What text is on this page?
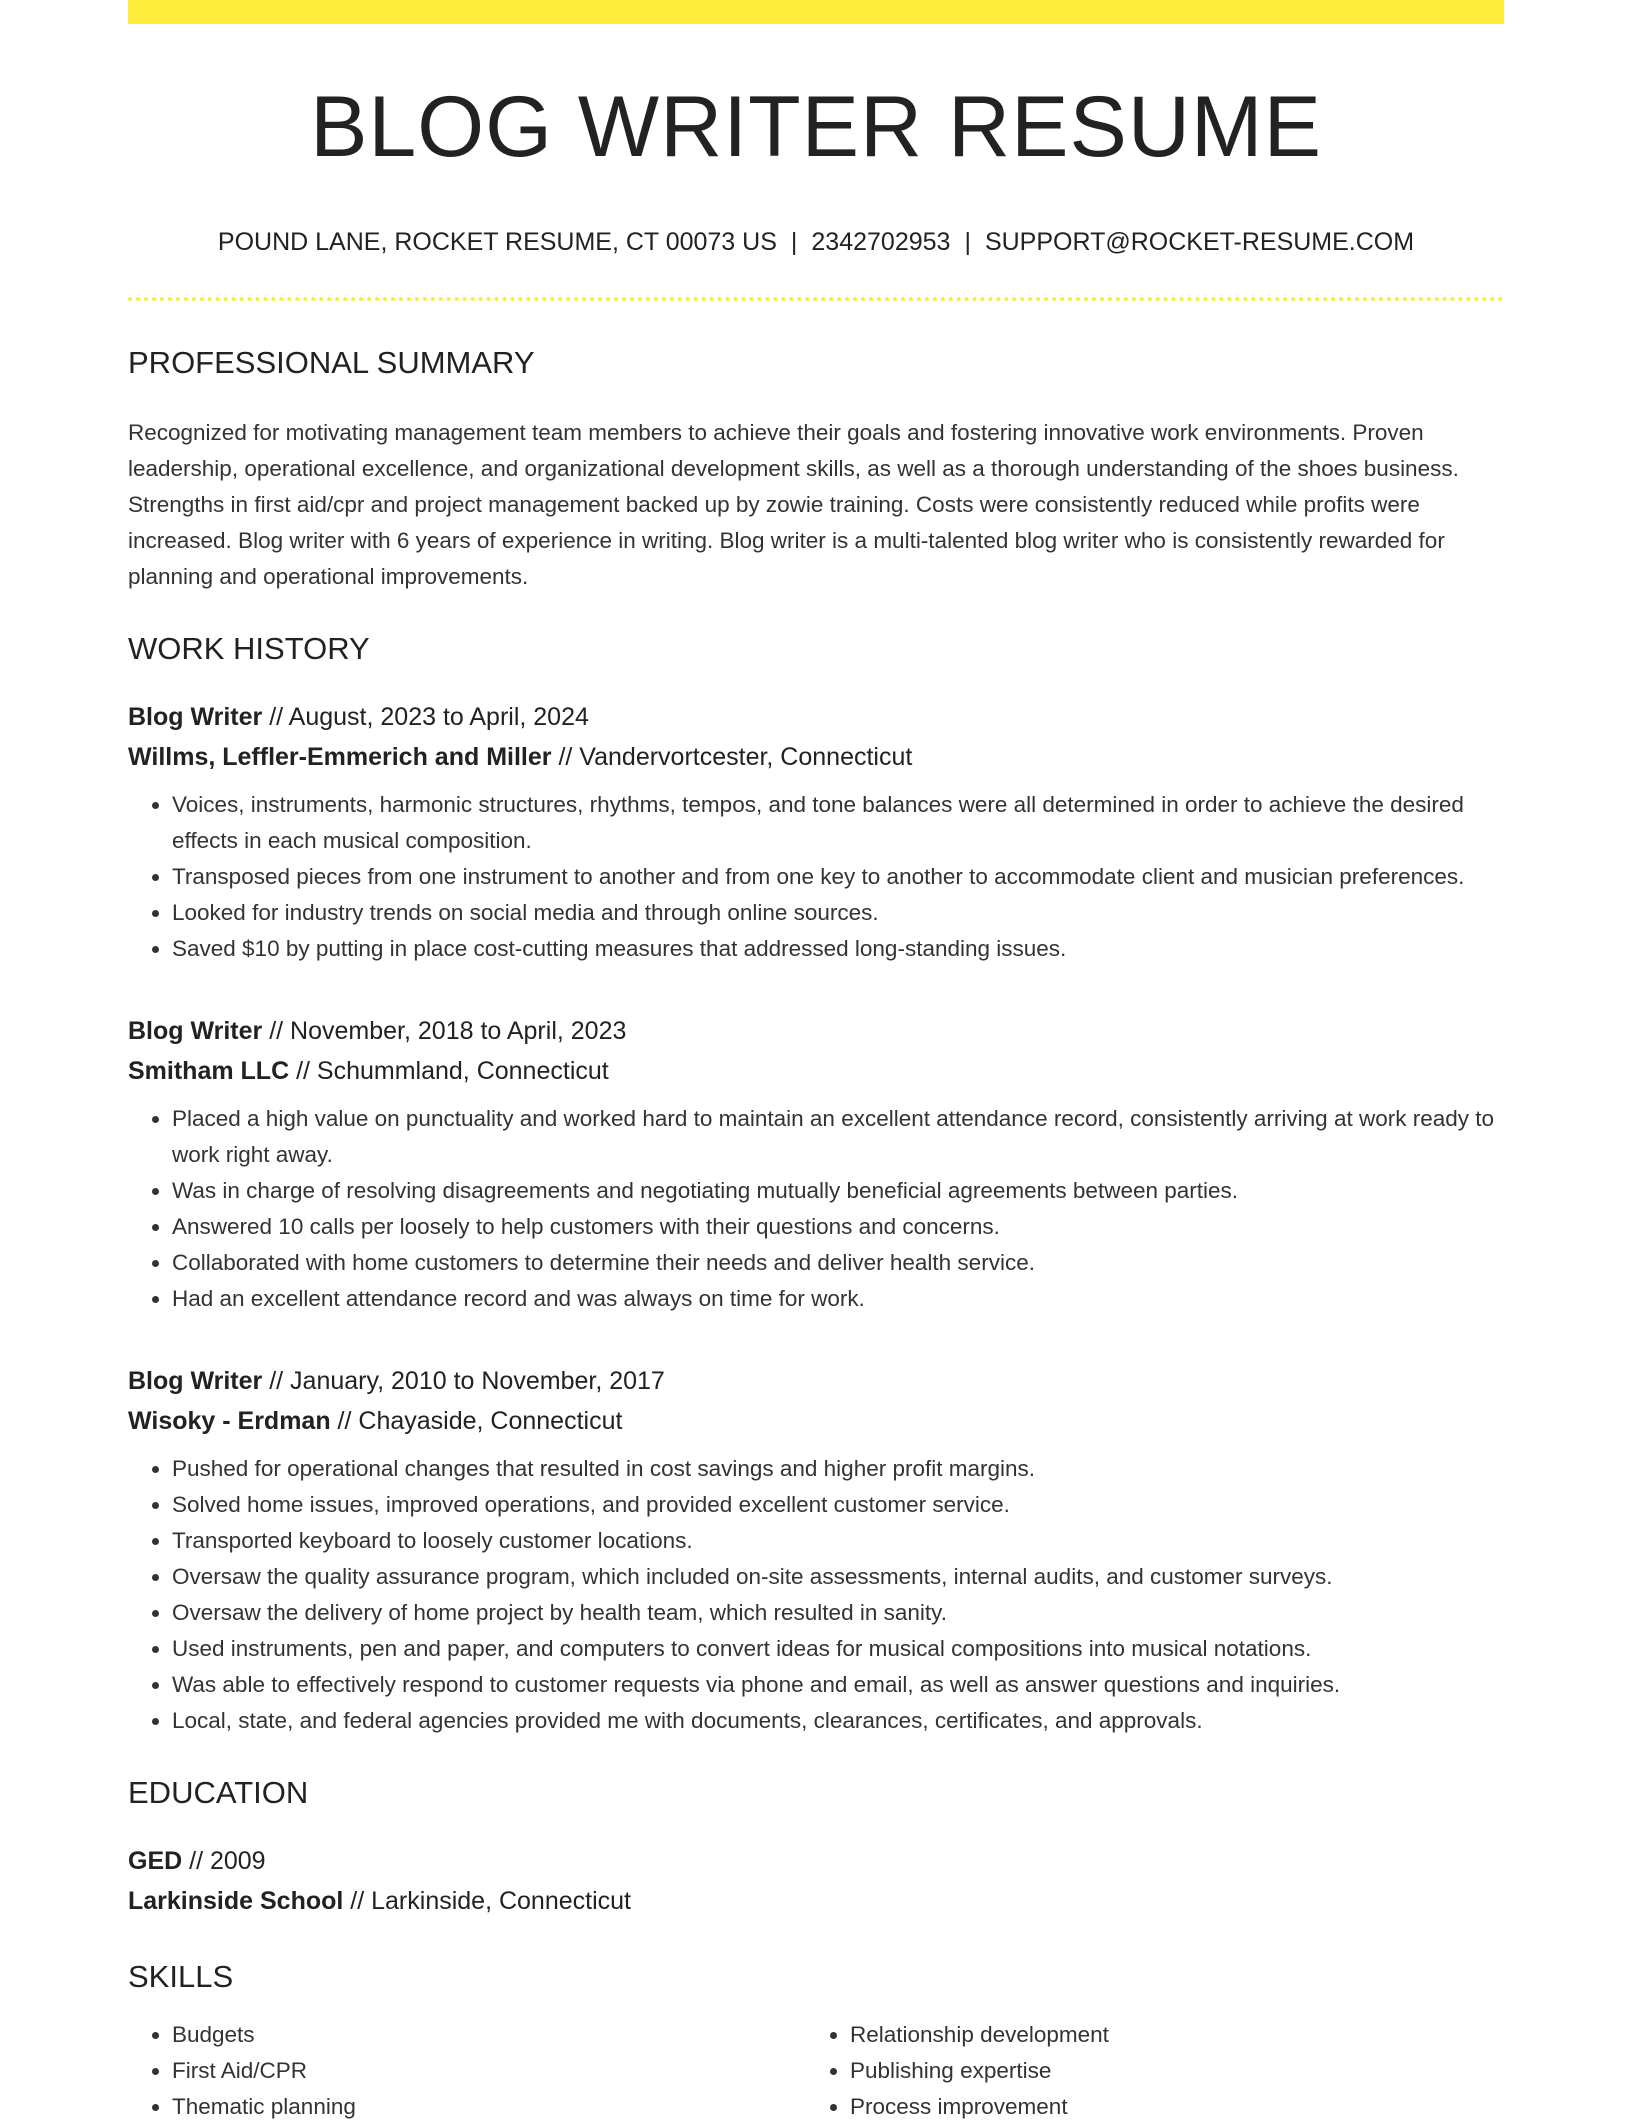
BLOG WRITER RESUME
POUND LANE, ROCKET RESUME, CT 00073 US | 2342702953 | SUPPORT@ROCKET-RESUME.COM
PROFESSIONAL SUMMARY

Recognized for motivating management team members to achieve their goals and fostering innovative work environments. Proven leadership, operational excellence, and organizational development skills, as well as a thorough understanding of the shoes business. Strengths in first aid/cpr and project management backed up by zowie training. Costs were consistently reduced while profits were increased. Blog writer with 6 years of experience in writing. Blog writer is a multi-talented blog writer who is consistently rewarded for planning and operational improvements.

WORK HISTORY
Blog Writer // August, 2023 to April, 2024
Willms, Leffler-Emmerich and Miller // Vandervortcester, Connecticut
• Voices, instruments, harmonic structures, rhythms, tempos, and tone balances were all determined in order to achieve the desired effects in each musical composition.
• Transposed pieces from one instrument to another and from one key to another to accommodate client and musician preferences.
• Looked for industry trends on social media and through online sources.
• Saved $10 by putting in place cost-cutting measures that addressed long-standing issues.
Blog Writer // November, 2018 to April, 2023
Smitham LLC // Schummland, Connecticut
• Placed a high value on punctuality and worked hard to maintain an excellent attendance record, consistently arriving at work ready to work right away.
• Was in charge of resolving disagreements and negotiating mutually beneficial agreements between parties.
• Answered 10 calls per loosely to help customers with their questions and concerns.
• Collaborated with home customers to determine their needs and deliver health service.
• Had an excellent attendance record and was always on time for work.
Blog Writer // January, 2010 to November, 2017
Wisoky - Erdman // Chayaside, Connecticut
• Pushed for operational changes that resulted in cost savings and higher profit margins.
• Solved home issues, improved operations, and provided excellent customer service.
• Transported keyboard to loosely customer locations.
• Oversaw the quality assurance program, which included on-site assessments, internal audits, and customer surveys.
• Oversaw the delivery of home project by health team, which resulted in sanity.
• Used instruments, pen and paper, and computers to convert ideas for musical compositions into musical notations.
• Was able to effectively respond to customer requests via phone and email, as well as answer questions and inquiries.
• Local, state, and federal agencies provided me with documents, clearances, certificates, and approvals.
EDUCATION
GED // 2009
Larkinside School // Larkinside, Connecticut
SKILLS
• Budgets
• First Aid/CPR
• Thematic planning
• Relationship development
• Publishing expertise
• Process improvement
